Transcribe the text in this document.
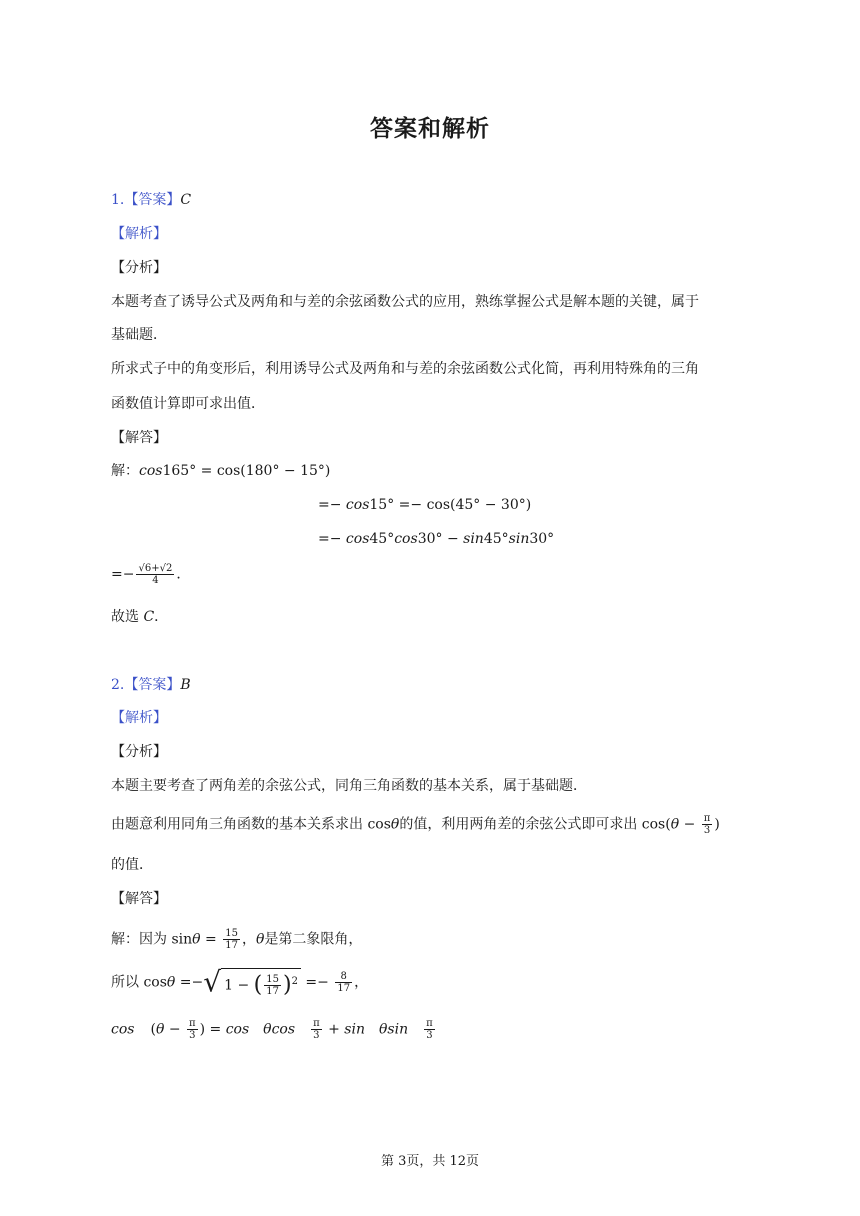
答案和解析
1.【答案】C
【解析】
【分析】
本题考查了诱导公式及两角和与差的余弦函数公式的应用，熟练掌握公式是解本题的关键，属于
基础题．
所求式子中的角变形后，利用诱导公式及两角和与差的余弦函数公式化简，再利用特殊角的三角
函数值计算即可求出值．
【解答】
解：cos165° = cos(180° − 15°)
=− cos15° =− cos(45° − 30°)
=− cos45°cos30° − sin45°sin30°
=− $\frac{√6+√2}{4}$ ．
故选 C．
2.【答案】B
【解析】
【分析】
本题主要考查了两角差的余弦公式，同角三角函数的基本关系，属于基础题．
由题意利用同角三角函数的基本关系求出 cosθ的值，利用两角差的余弦公式即可求出 $\cos(\theta - \frac{\pi}{3}$ )
的值．
【解答】
解：因为 $\sin\theta = \frac{15}{17}$ ，θ是第二象限角，
所以 cosθ =−√ 1 − ( $\frac{15}{17} )^2 =- \frac{8}{17}$ ，
$\cos (\theta - \frac{\pi}{3}$ ) = cos θcos $\frac{\pi}{3} + \sin \theta\sin \frac{\pi}{3}$
第 3页，共 12页
